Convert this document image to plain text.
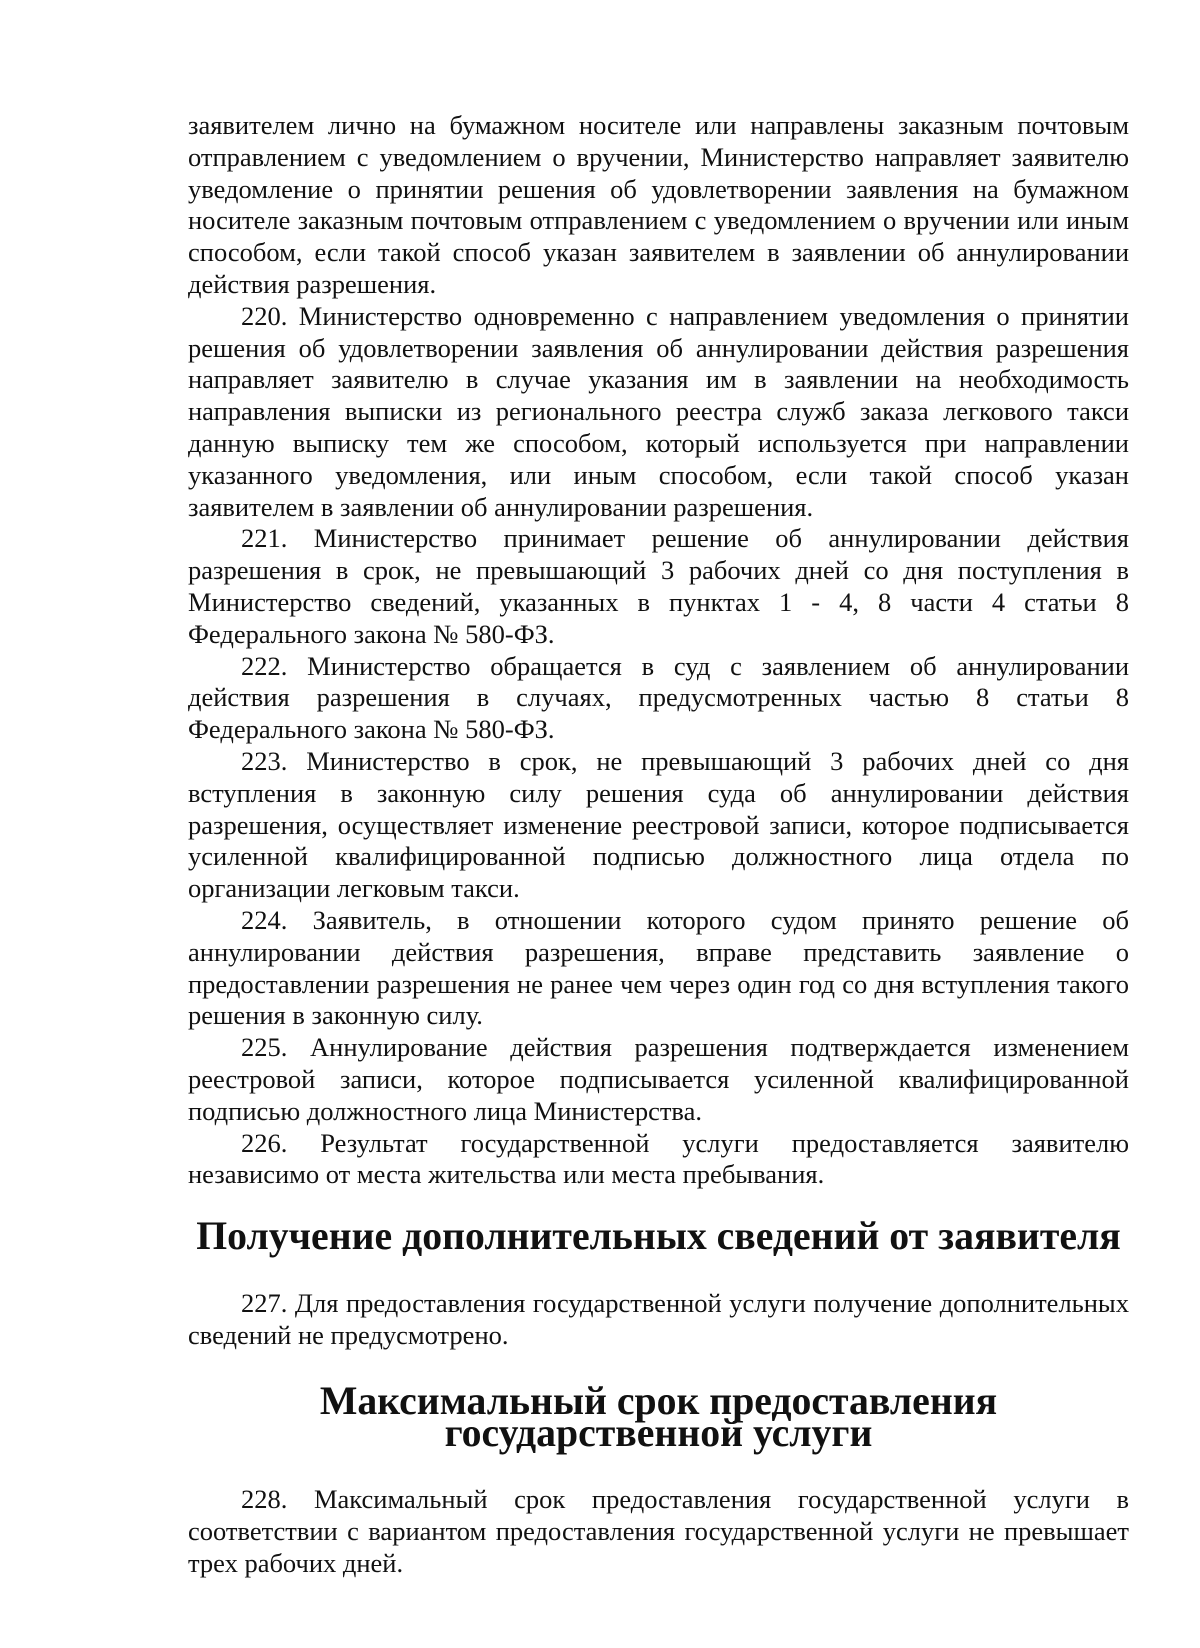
заявителем лично на бумажном носителе или направлены заказным почтовым отправлением с уведомлением о вручении, Министерство направляет заявителю уведомление о принятии решения об удовлетворении заявления на бумажном носителе заказным почтовым отправлением с уведомлением о вручении или иным способом, если такой способ указан заявителем в заявлении об аннулировании действия разрешения.

220. Министерство одновременно с направлением уведомления о принятии решения об удовлетворении заявления об аннулировании действия разрешения направляет заявителю в случае указания им в заявлении на необходимость направления выписки из регионального реестра служб заказа легкового такси данную выписку тем же способом, который используется при направлении указанного уведомления, или иным способом, если такой способ указан заявителем в заявлении об аннулировании разрешения.

221. Министерство принимает решение об аннулировании действия разрешения в срок, не превышающий 3 рабочих дней со дня поступления в Министерство сведений, указанных в пунктах 1 - 4, 8 части 4 статьи 8 Федерального закона № 580-ФЗ.

222. Министерство обращается в суд с заявлением об аннулировании действия разрешения в случаях, предусмотренных частью 8 статьи 8 Федерального закона № 580-ФЗ.

223. Министерство в срок, не превышающий 3 рабочих дней со дня вступления в законную силу решения суда об аннулировании действия разрешения, осуществляет изменение реестровой записи, которое подписывается усиленной квалифицированной подписью должностного лица отдела по организации легковым такси.

224. Заявитель, в отношении которого судом принято решение об аннулировании действия разрешения, вправе представить заявление о предоставлении разрешения не ранее чем через один год со дня вступления такого решения в законную силу.

225. Аннулирование действия разрешения подтверждается изменением реестровой записи, которое подписывается усиленной квалифицированной подписью должностного лица Министерства.

226. Результат государственной услуги предоставляется заявителю независимо от места жительства или места пребывания.

Получение дополнительных сведений от заявителя

227. Для предоставления государственной услуги получение дополнительных сведений не предусмотрено.

Максимальный срок предоставления государственной услуги

228. Максимальный срок предоставления государственной услуги в соответствии с вариантом предоставления государственной услуги не превышает трех рабочих дней.
